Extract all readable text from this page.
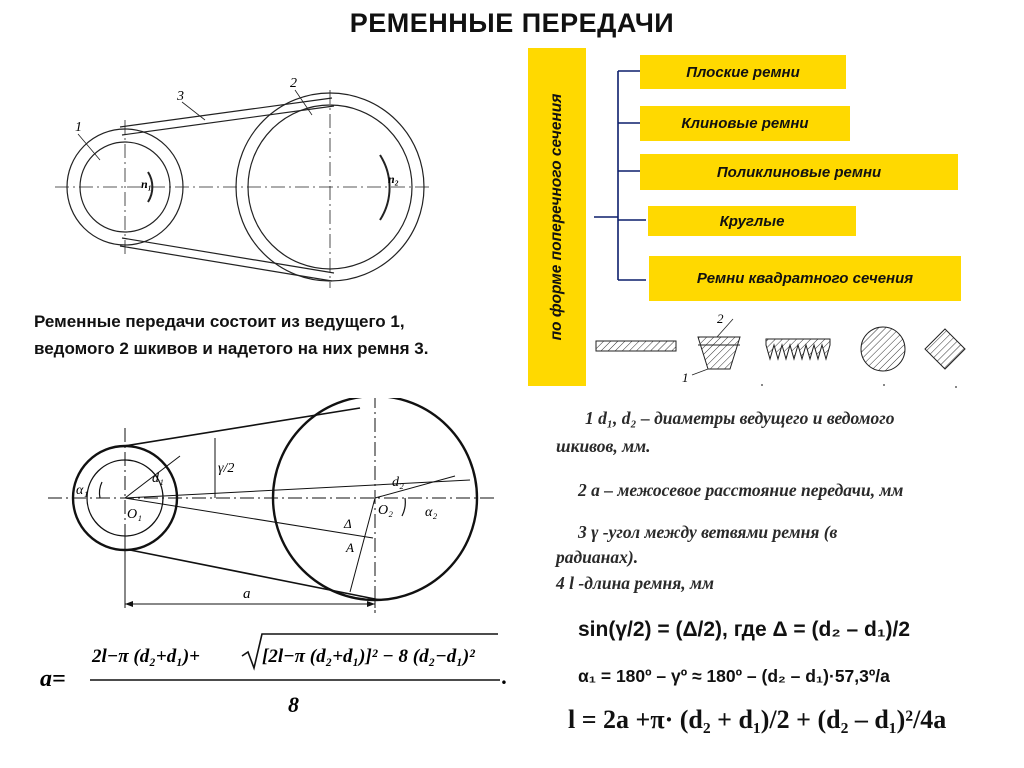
РЕМЕННЫЕ ПЕРЕДАЧИ
1
3
2
n₁	n₂	по форме поперечного сечения
Плоские ремни
Клиновые ремни
Поликлиновые ремни
Круглые
Ремни квадратного сечения
2
1
Ременные передачи состоит из ведущего 1,
ведомого 2 шкивов и надетого на них ремня 3.
α₁
d₁
O₁
γ/2
d₂
O₂ α₂
Δ
A
a
1 d₁, d₂ – диаметры ведущего и ведомого
шкивов, мм.
2 a – межосевое расстояние передачи, мм
3 γ -угол между ветвями ремня (в
радианах).
4 l -длина ремня, мм
sin(γ/2) = (Δ/2), где Δ = (d₂ – d₁)/2
α₁ = 180º – γº ≈ 180º – (d₂ – d₁)·57,3º/a
l = 2a +π· (d₂ + d₁)/2 + (d₂ – d₁)²/4a
a=
2l−π (d₂+d₁)+	[2l−π (d₂+d₁)]² − 8 (d₂−d₁)²
8
.
